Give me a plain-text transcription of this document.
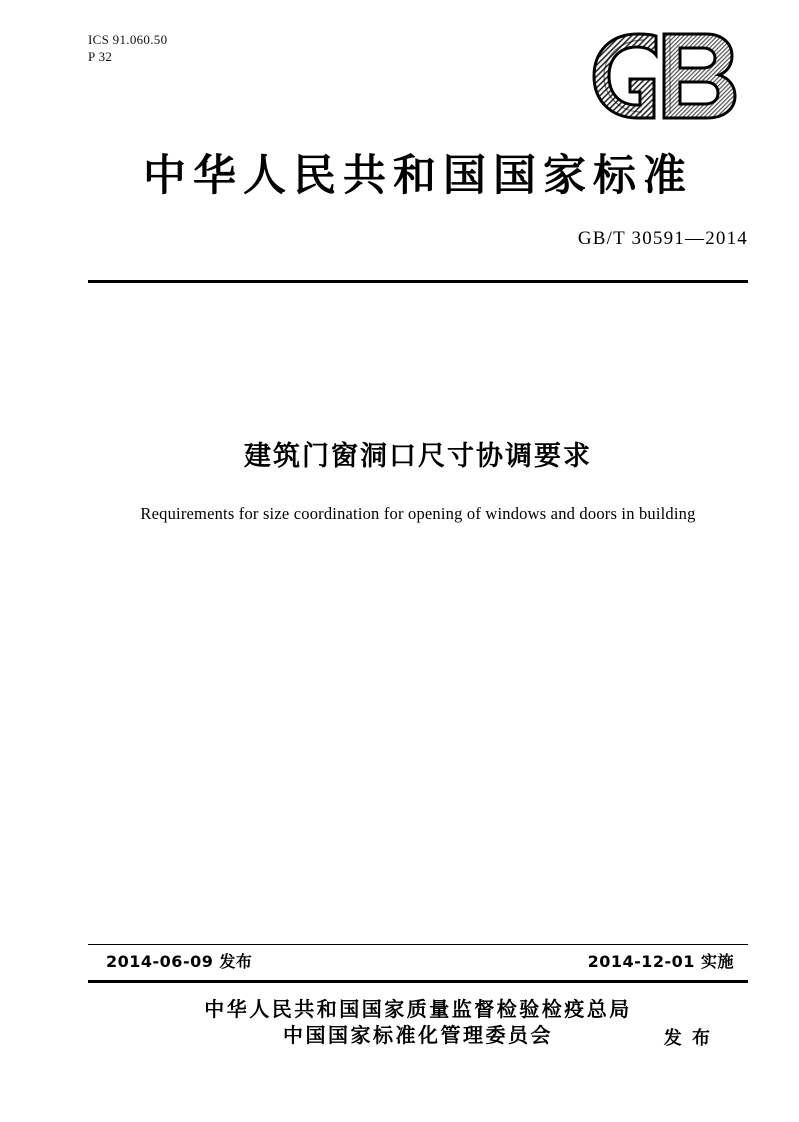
ICS 91.060.50
P 32
中华人民共和国国家标准
GB/T 30591—2014
建筑门窗洞口尺寸协调要求
Requirements for size coordination for opening of windows and doors in building
2014-06-09 发布	2014-12-01 实施
中华人民共和国国家质量监督检验检疫总局
中国国家标准化管理委员会	发 布
